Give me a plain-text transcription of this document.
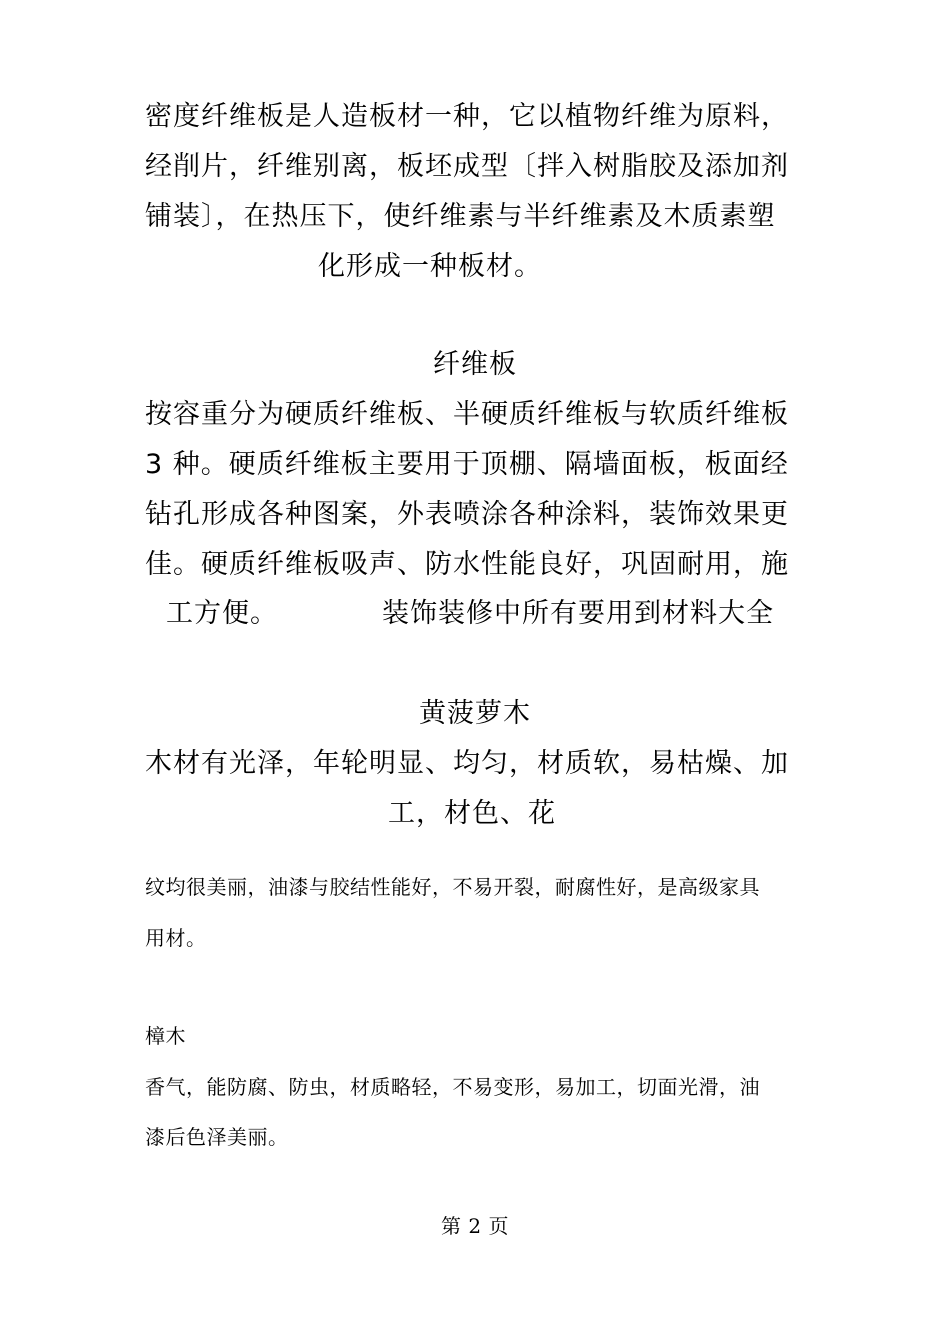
密度纤维板是人造板材一种，它以植物纤维为原料，
经削片，纤维别离，板坯成型〔拌入树脂胶及添加剂
铺装〕，在热压下，使纤维素与半纤维素及木质素塑
化形成一种板材。
纤维板
按容重分为硬质纤维板、半硬质纤维板与软质纤维板
3 种。硬质纤维板主要用于顶棚、隔墙面板，板面经
钻孔形成各种图案，外表喷涂各种涂料，装饰效果更
佳。硬质纤维板吸声、防水性能良好，巩固耐用，施
工方便。	装饰装修中所有要用到材料大全
黄菠萝木
木材有光泽，年轮明显、均匀，材质软，易枯燥、加
工，材色、花
纹均很美丽，油漆与胶结性能好，不易开裂，耐腐性好，是高级家具
用材。
樟木
香气，能防腐、防虫，材质略轻，不易变形，易加工，切面光滑，油
漆后色泽美丽。
第 2 页
